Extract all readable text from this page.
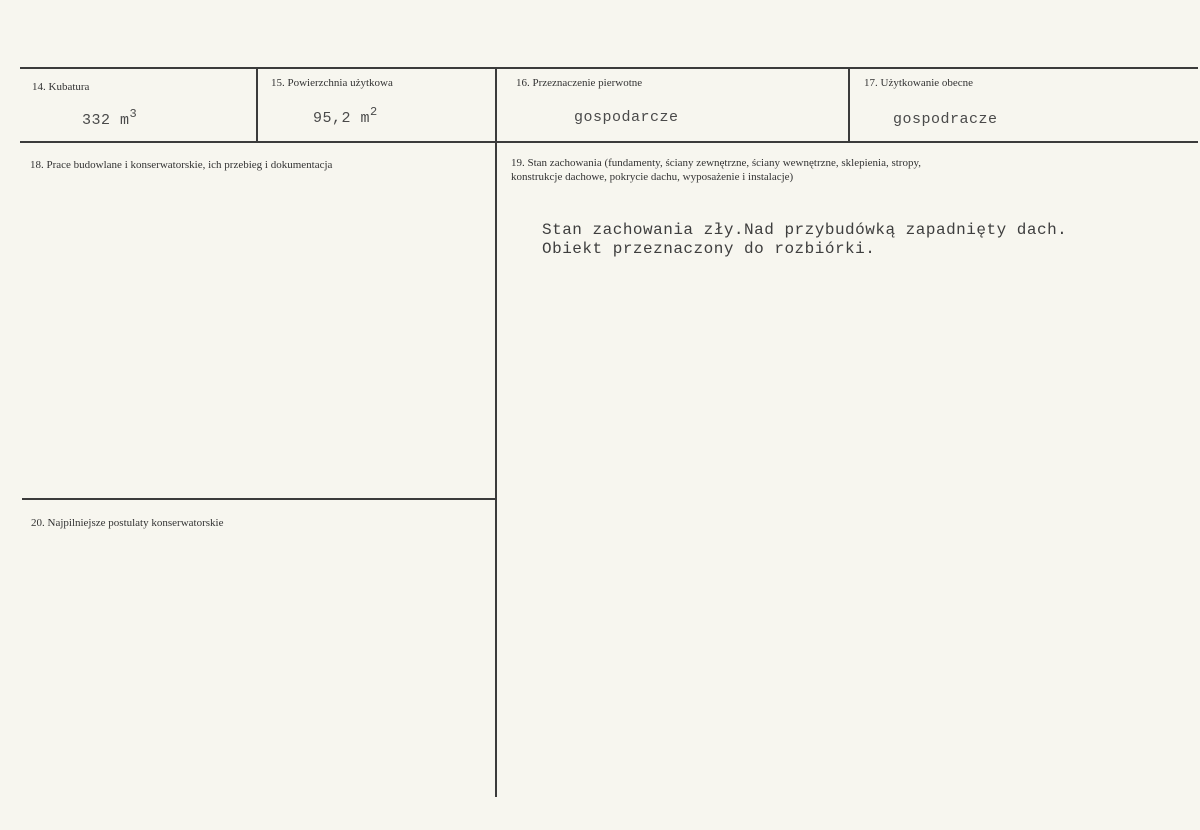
14. Kubatura
332 $m^3$
15. Powierzchnia użytkowa
95,2 $m^2$
16. Przeznaczenie pierwotne
gospodarcze
17. Użytkowanie obecne
gospodracze
18. Prace budowlane i konserwatorskie, ich przebieg i dokumentacja	19. Stan zachowania (fundamenty, ściany zewnętrzne, ściany wewnętrzne, sklepienia, stropy,
konstrukcje dachowe, pokrycie dachu, wyposażenie i instalacje)
Stan zachowania zły.Nad przybudówką zapadnięty dach.
Obiekt przeznaczony do rozbiórki.
20. Najpilniejsze postulaty konserwatorskie
